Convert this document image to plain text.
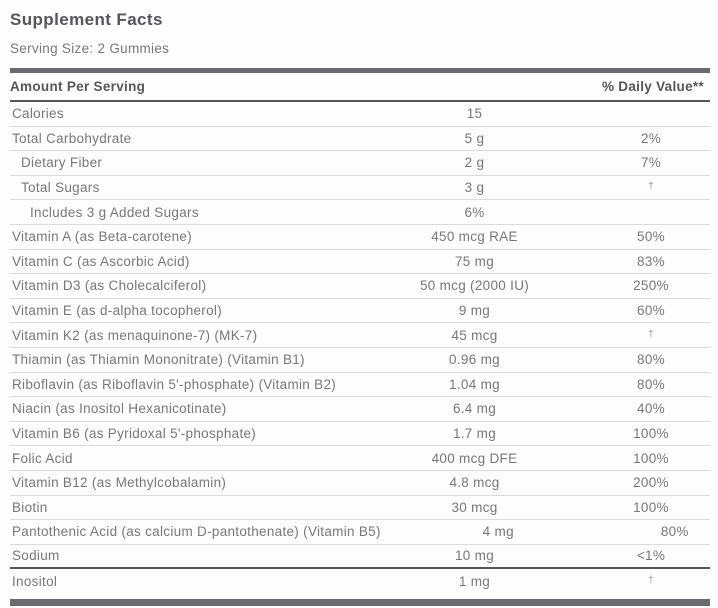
Supplement Facts
Serving Size: 2 Gummies
Amount Per Serving	% Daily Value**
Calories	15
Total Carbohydrate	5 g	2%
Dietary Fiber	2 g	7%
Total Sugars	3 g	†
Includes 3 g Added Sugars	6%
Vitamin A (as Beta-carotene)	450 mcg RAE	50%
Vitamin C (as Ascorbic Acid)	75 mg	83%
Vitamin D3 (as Cholecalciferol)	50 mcg (2000 IU)	250%
Vitamin E (as d-alpha tocopherol)	9 mg	60%
Vitamin K2 (as menaquinone-7) (MK-7)	45 mcg	†
Thiamin (as Thiamin Mononitrate) (Vitamin B1)	0.96 mg	80%
Riboflavin (as Riboflavin 5'-phosphate) (Vitamin B2)	1.04 mg	80%
Niacin (as Inositol Hexanicotinate)	6.4 mg	40%
Vitamin B6 (as Pyridoxal 5'-phosphate)	1.7 mg	100%
Folic Acid	400 mcg DFE	100%
Vitamin B12 (as Methylcobalamin)	4.8 mcg	200%
Biotin	30 mcg	100%
Pantothenic Acid (as calcium D-pantothenate) (Vitamin B5)	4 mg	80%
Sodium	10 mg	<1%
Inositol	1 mg	†
